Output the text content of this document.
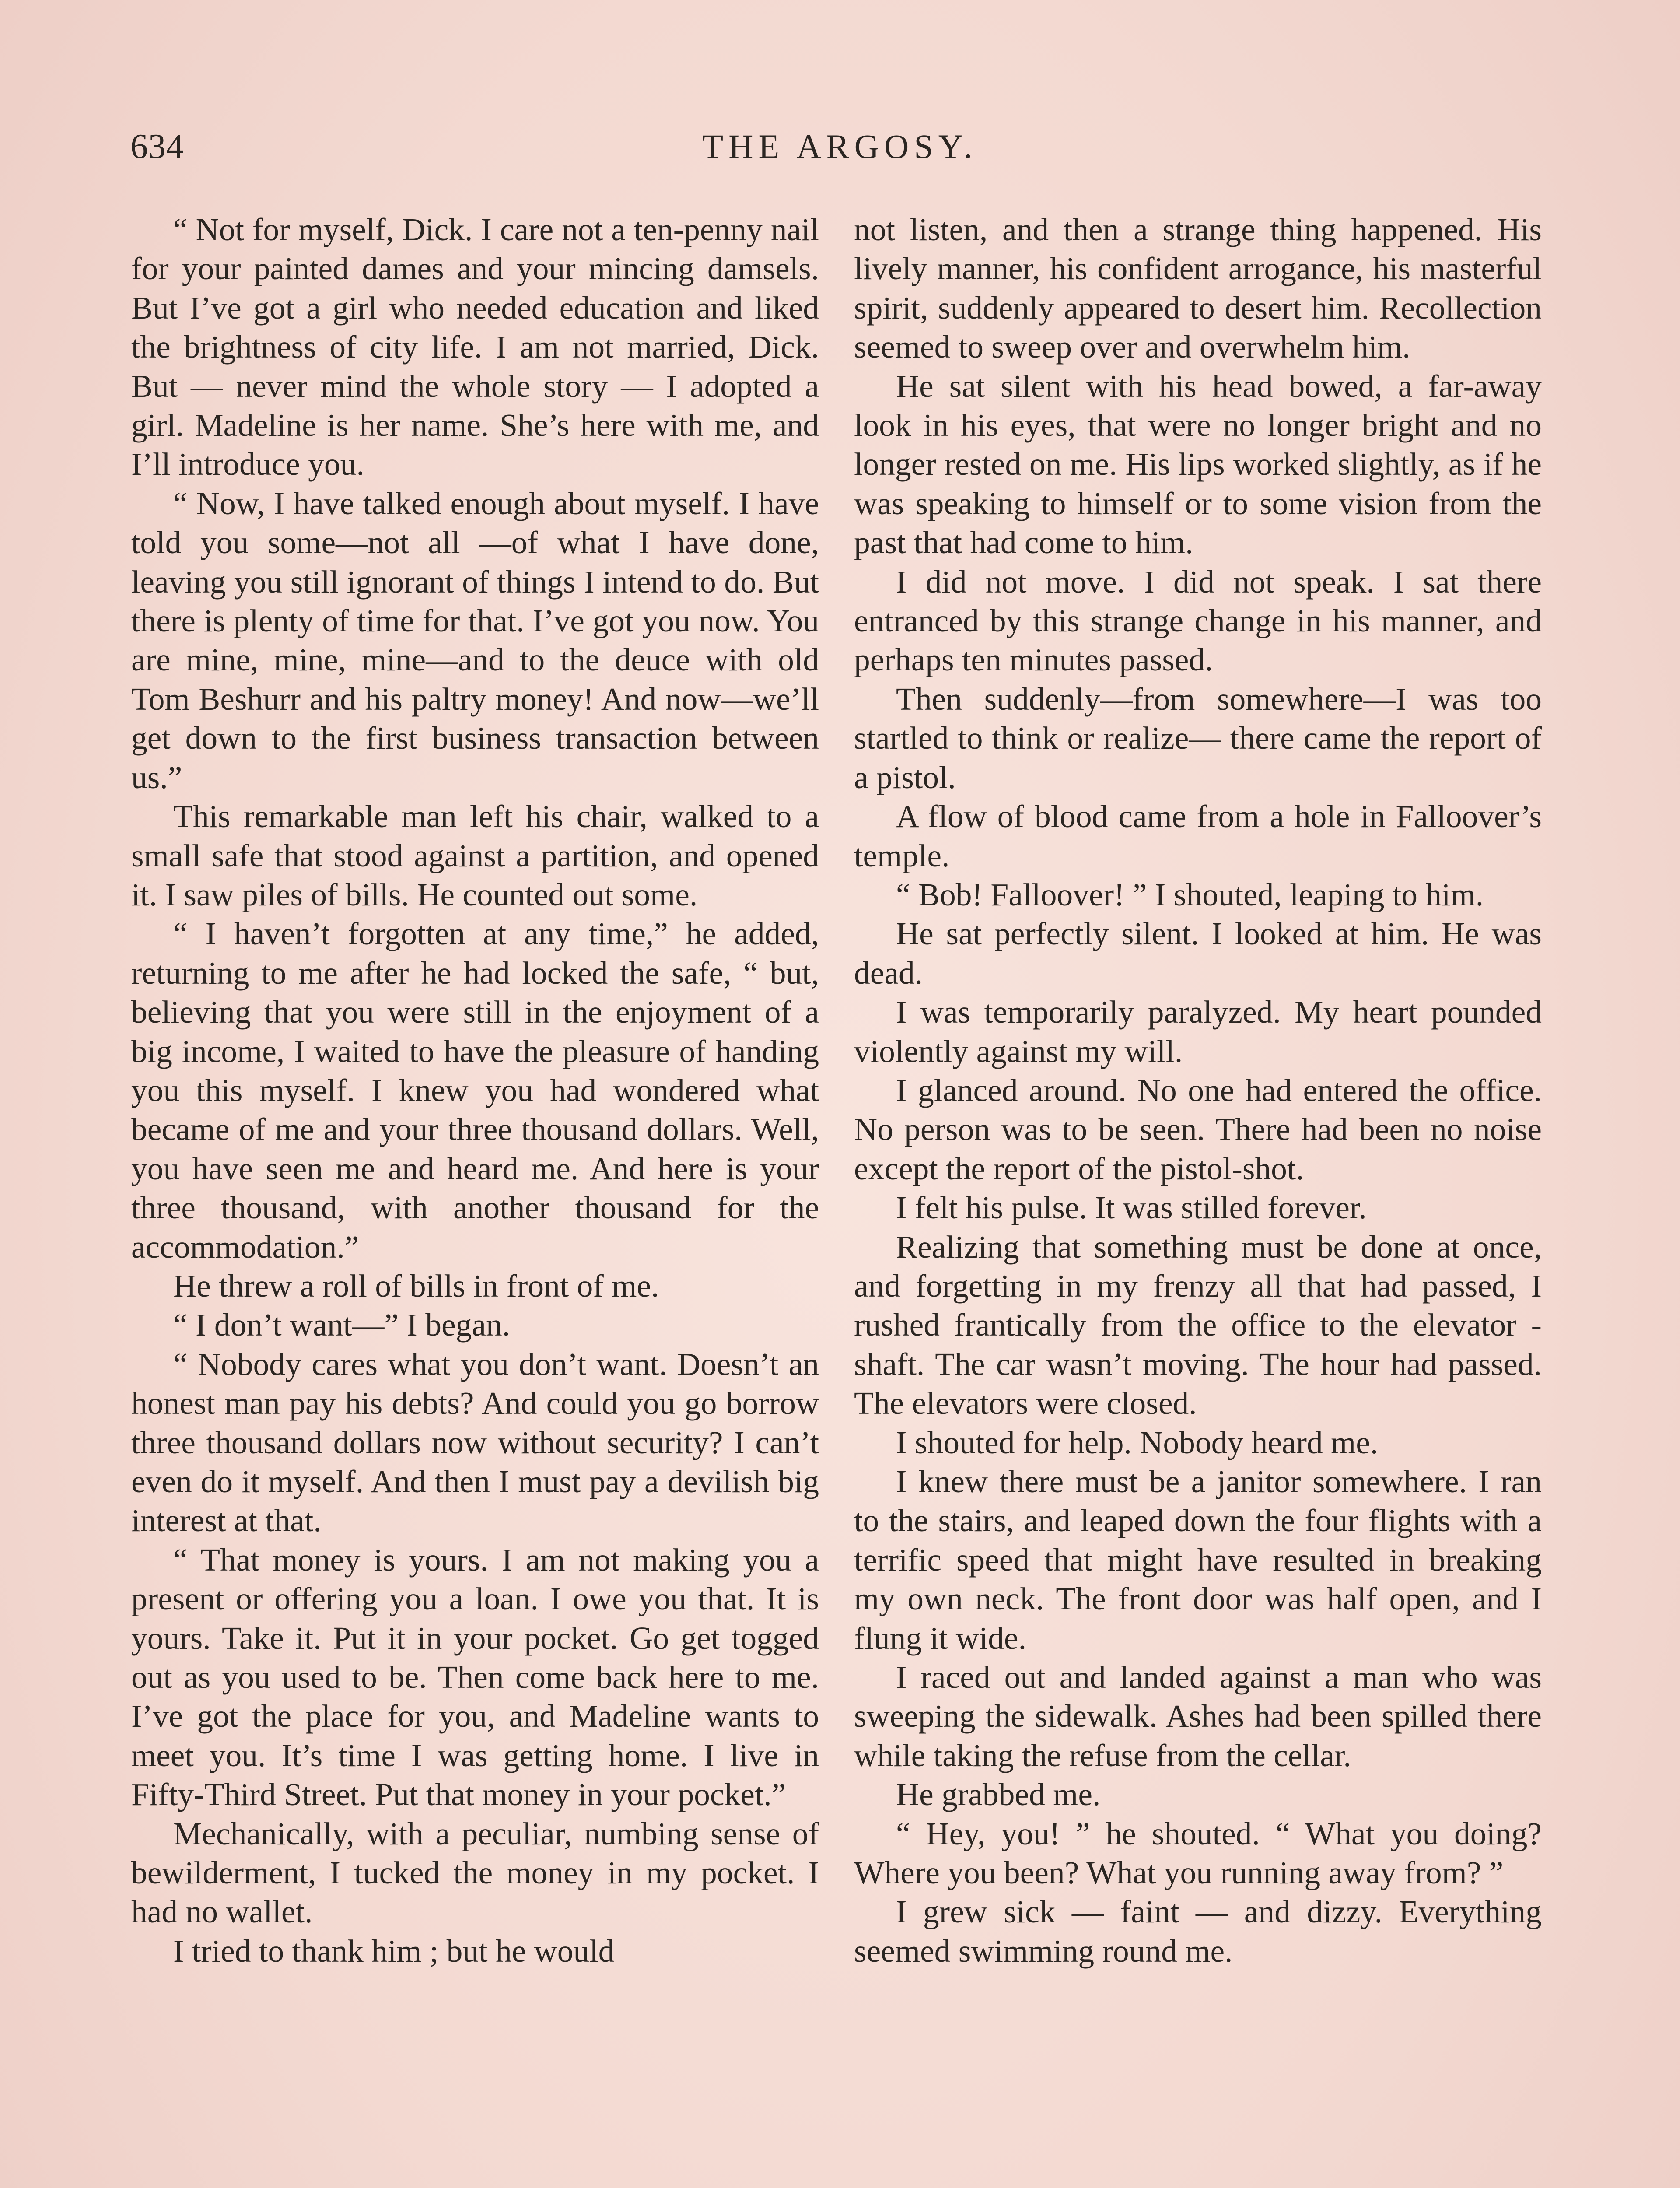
634	THE ARGOSY.

“ Not for myself, Dick. I care not a ten-penny nail for your painted dames and your mincing damsels. But I’ve got a girl who needed education and liked the brightness of city life. I am not married, Dick. But — never mind the whole story — I adopted a girl. Madeline is her name. She’s here with me, and I’ll introduce you.

“ Now, I have talked enough about myself. I have told you some—not all —of what I have done, leaving you still ignorant of things I intend to do. But there is plenty of time for that. I’ve got you now. You are mine, mine, mine—and to the deuce with old Tom Beshurr and his paltry money! And now—we’ll get down to the first business transaction between us.”

This remarkable man left his chair, walked to a small safe that stood against a partition, and opened it. I saw piles of bills. He counted out some.

“ I haven’t forgotten at any time,” he added, returning to me after he had locked the safe, “ but, believing that you were still in the enjoyment of a big income, I waited to have the pleasure of handing you this myself. I knew you had wondered what became of me and your three thousand dollars. Well, you have seen me and heard me. And here is your three thousand, with another thousand for the accommodation.”

He threw a roll of bills in front of me.

“ I don’t want—” I began.

“ Nobody cares what you don’t want. Doesn’t an honest man pay his debts? And could you go borrow three thousand dollars now without security? I can’t even do it myself. And then I must pay a devilish big interest at that.

“ That money is yours. I am not making you a present or offering you a loan. I owe you that. It is yours. Take it. Put it in your pocket. Go get togged out as you used to be. Then come back here to me. I’ve got the place for you, and Madeline wants to meet you. It’s time I was getting home. I live in Fifty-Third Street. Put that money in your pocket.”

Mechanically, with a peculiar, numbing sense of bewilderment, I tucked the money in my pocket. I had no wallet.

I tried to thank him ; but he would

not listen, and then a strange thing happened. His lively manner, his confident arrogance, his masterful spirit, suddenly appeared to desert him. Recollection seemed to sweep over and overwhelm him.

He sat silent with his head bowed, a far-away look in his eyes, that were no longer bright and no longer rested on me. His lips worked slightly, as if he was speaking to himself or to some vision from the past that had come to him.

I did not move. I did not speak. I sat there entranced by this strange change in his manner, and perhaps ten minutes passed.

Then suddenly—from somewhere—I was too startled to think or realize— there came the report of a pistol.

A flow of blood came from a hole in Falloover’s temple.

“ Bob! Falloover! ” I shouted, leaping to him.

He sat perfectly silent. I looked at him. He was dead.

I was temporarily paralyzed. My heart pounded violently against my will.

I glanced around. No one had entered the office. No person was to be seen. There had been no noise except the report of the pistol-shot.

I felt his pulse. It was stilled forever.

Realizing that something must be done at once, and forgetting in my frenzy all that had passed, I rushed frantically from the office to the elevator - shaft. The car wasn’t moving. The hour had passed. The elevators were closed.

I shouted for help. Nobody heard me.

I knew there must be a janitor somewhere. I ran to the stairs, and leaped down the four flights with a terrific speed that might have resulted in breaking my own neck. The front door was half open, and I flung it wide.

I raced out and landed against a man who was sweeping the sidewalk. Ashes had been spilled there while taking the refuse from the cellar.

He grabbed me.

“ Hey, you! ” he shouted. “ What you doing? Where you been? What you running away from? ”

I grew sick — faint — and dizzy. Everything seemed swimming round me.
